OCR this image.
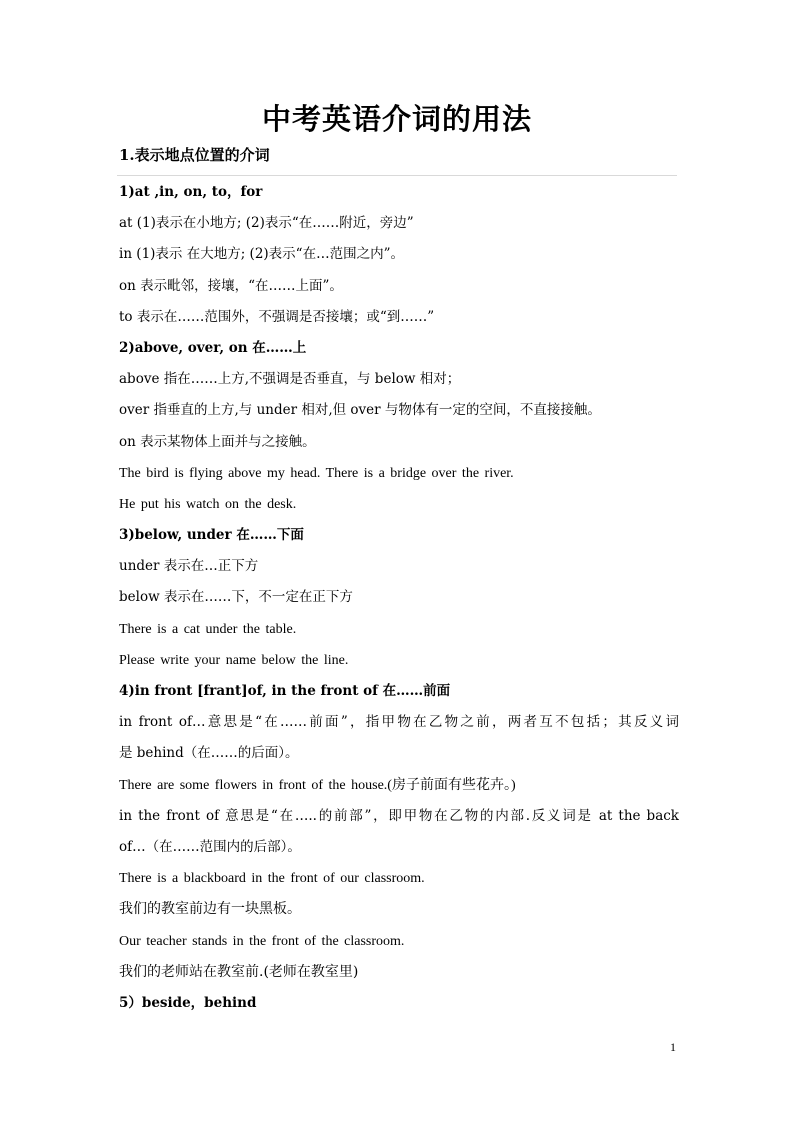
中考英语介词的用法
1.表示地点位置的介词
1)at ,in, on, to，for
at (1)表示在小地方; (2)表示“在……附近，旁边”
in (1)表示 在大地方; (2)表示“在…范围之内”。
on 表示毗邻，接壤，“在……上面”。
to 表示在……范围外，不强调是否接壤；或“到……”
2)above, over, on 在……上
above 指在……上方,不强调是否垂直，与 below 相对；
over 指垂直的上方,与 under 相对,但 over 与物体有一定的空间，不直接接触。
on 表示某物体上面并与之接触。
The bird is flying above my head. There is a bridge over the river.
He put his watch on the desk.
3)below, under 在……下面
under 表示在…正下方
below 表示在……下，不一定在正下方
There is a cat under the table.
Please write your name below the line.
4)in front [frant]of, in the front of 在……前面
in front of…意思是“在……前面”，指甲物在乙物之前，两者互不包括；其反义词
是 behind（在……的后面）。
There are some flowers in front of the house.(房子前面有些花卉。)
in the front of 意思是“在…..的前部”，即甲物在乙物的内部.反义词是 at the back
of…（在……范围内的后部）。
There is a blackboard in the front of our classroom.
我们的教室前边有一块黑板。
Our teacher stands in the front of the classroom.
我们的老师站在教室前.(老师在教室里)
5）beside，behind
1
